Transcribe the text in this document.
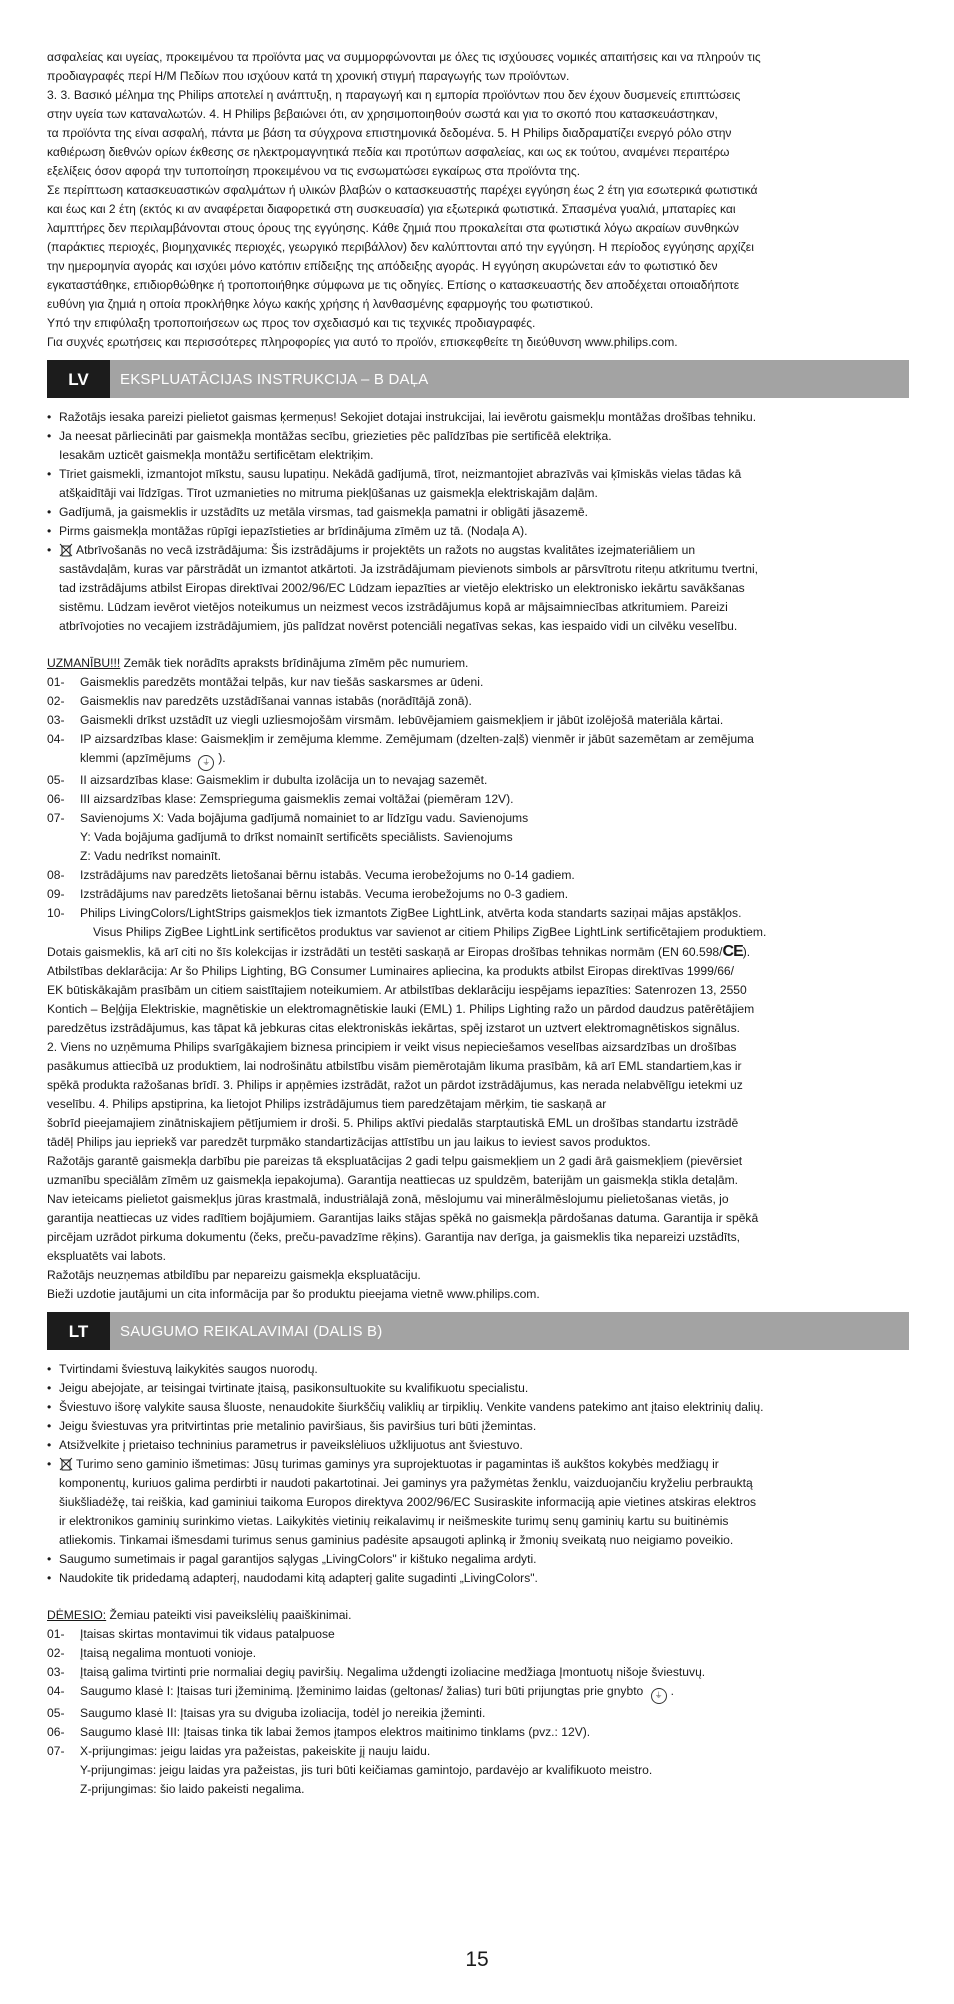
ασφαλείας και υγείας, προκειμένου τα προϊόντα μας να συμμορφώνονται με όλες τις ισχύουσες νομικές απαιτήσεις και να πληρούν τις

προδιαγραφές περί H/M Πεδίων που ισχύουν κατά τη χρονική στιγμή παραγωγής των προϊόντων.

3. 3. Βασικό μέλημα της Philips αποτελεί η ανάπτυξη, η παραγωγή και η εμπορία προϊόντων που δεν έχουν δυσμενείς επιπτώσεις

στην υγεία των καταναλωτών. 4. H Philips βεβαιώνει ότι, αν χρησιμοποιηθούν σωστά και για το σκοπό που κατασκευάστηκαν,

τα προϊόντα της είναι ασφαλή, πάντα με βάση τα σύγχρονα επιστημονικά δεδομένα. 5. H Philips διαδραματίζει ενεργό ρόλο στην

καθιέρωση διεθνών ορίων έκθεσης σε ηλεκτρομαγνητικά πεδία και προτύπων ασφαλείας, και ως εκ τούτου, αναμένει περαιτέρω

εξελίξεις όσον αφορά την τυποποίηση προκειμένου να τις ενσωματώσει εγκαίρως στα προϊόντα της.

Σε περίπτωση κατασκευαστικών σφαλμάτων ή υλικών βλαβών ο κατασκευαστής παρέχει εγγύηση έως 2 έτη για εσωτερικά φωτιστικά

και έως και 2 έτη (εκτός κι αν αναφέρεται διαφορετικά στη συσκευασία) για εξωτερικά φωτιστικά. Σπασμένα γυαλιά, μπαταρίες και

λαμπτήρες δεν περιλαμβάνονται στους όρους της εγγύησης. Κάθε ζημιά που προκαλείται στα φωτιστικά λόγω ακραίων συνθηκών

(παράκτιες περιοχές, βιομηχανικές περιοχές, γεωργικό περιβάλλον) δεν καλύπτονται από την εγγύηση. Η περίοδος εγγύησης αρχίζει

την ημερομηνία αγοράς και ισχύει μόνο κατόπιν επίδειξης της απόδειξης αγοράς. Η εγγύηση ακυρώνεται εάν το φωτιστικό δεν

εγκαταστάθηκε, επιδιορθώθηκε ή τροποποιήθηκε σύμφωνα με τις οδηγίες. Επίσης ο κατασκευαστής δεν αποδέχεται οποιαδήποτε

ευθύνη για ζημιά η οποία προκλήθηκε λόγω κακής χρήσης ή λανθασμένης εφαρμογής του φωτιστικού.

Υπό την επιφύλαξη τροποποιήσεων ως προς τον σχεδιασμό και τις τεχνικές προδιαγραφές.

Για συχνές ερωτήσεις και περισσότερες πληροφορίες για αυτό το προϊόν, επισκεφθείτε τη διεύθυνση www.philips.com.

LV	EKSPLUATĀCIJAS INSTRUKCIJA – B DAĻA
• Ražotājs iesaka pareizi pielietot gaismas ķermeņus! Sekojiet dotajai instrukcijai, lai ievērotu gaismekļu montāžas drošības tehniku.
• Ja neesat pārliecināti par gaismekļa montāžas secību, griezieties pēc palīdzības pie sertificēā elektriķa.
Iesakām uzticēt gaismekļa montāžu sertificētam elektriķim.
• Tīriet gaismekli, izmantojot mīkstu, sausu lupatiņu. Nekādā gadījumā, tīrot, neizmantojiet abrazīvās vai ķīmiskās vielas tādas kā
atšķaidītāji vai līdzīgas. Tīrot uzmanieties no mitruma piekļūšanas uz gaismekļa elektriskajām daļām.
• Gadījumā, ja gaismeklis ir uzstādīts uz metāla virsmas, tad gaismekļa pamatni ir obligāti jāsazemē.
• Pirms gaismekļa montāžas rūpīgi iepazīstieties ar brīdinājuma zīmēm uz tā. (Nodaļa A).
• Atbrīvošanās no vecā izstrādājuma: Šis izstrādājums ir projektēts un ražots no augstas kvalitātes izejmateriāliem un
sastāvdaļām, kuras var pārstrādāt un izmantot atkārtoti. Ja izstrādājumam pievienots simbols ar pārsvītrotu riteņu atkritumu tvertni,
tad izstrādājums atbilst Eiropas direktīvai 2002/96/EC Lūdzam iepazīties ar vietējo elektrisko un elektronisko iekārtu savākšanas
sistēmu. Lūdzam ievērot vietējos noteikumus un neizmest vecos izstrādājumus kopā ar mājsaimniecības atkritumiem. Pareizi
atbrīvojoties no vecajiem izstrādājumiem, jūs palīdzat novērst potenciāli negatīvas sekas, kas iespaido vidi un cilvēku veselību.

UZMANĪBU!!! Zemāk tiek norādīts apraksts brīdinājuma zīmēm pēc numuriem.

01-	Gaismeklis paredzēts montāžai telpās, kur nav tiešās saskarsmes ar ūdeni.
02-	Gaismeklis nav paredzēts uzstādīšanai vannas istabās (norādītājā zonā).
03-	Gaismekli drīkst uzstādīt uz viegli uzliesmojošām virsmām. Iebūvējamiem gaismekļiem ir jābūt izolējošā materiāla kārtai.
04-	IP aizsardzības klase: Gaismekļim ir zemējuma klemme. Zemējumam (dzelten-zaļš) vienmēr ir jābūt sazemētam ar zemējuma
klemmi (apzīmējums ⏚ ).
05-	II aizsardzības klase: Gaismeklim ir dubulta izolācija un to nevajag sazemēt.
06-	III aizsardzības klase: Zemsprieguma gaismeklis zemai voltāžai (piemēram 12V).
07-	Savienojums X: Vada bojājuma gadījumā nomainiet to ar līdzīgu vadu. Savienojums
Y: Vada bojājuma gadījumā to drīkst nomainīt sertificēts speciālists. Savienojums
Z: Vadu nedrīkst nomainīt.
08-	Izstrādājums nav paredzēts lietošanai bērnu istabās. Vecuma ierobežojums no 0-14 gadiem.
09-	Izstrādājums nav paredzēts lietošanai bērnu istabās. Vecuma ierobežojums no 0-3 gadiem.
10-	Philips LivingColors/LightStrips gaismekļos tiek izmantots ZigBee LightLink, atvērta koda standarts saziņai mājas apstākļos.
Visus Philips ZigBee LightLink sertificētos produktus var savienot ar citiem Philips ZigBee LightLink sertificētajiem produktiem.

Dotais gaismeklis, kā arī citi no šīs kolekcijas ir izstrādāti un testēti saskaņā ar Eiropas drošības tehnikas normām (EN 60.598/CE).

Atbilstības deklarācija: Ar šo Philips Lighting, BG Consumer Luminaires apliecina, ka produkts atbilst Eiropas direktīvas 1999/66/

EK būtiskākajām prasībām un citiem saistītajiem noteikumiem. Ar atbilstības deklarāciju iespējams iepazīties: Satenrozen 13, 2550

Kontich – Beļģija Elektriskie, magnētiskie un elektromagnētiskie lauki (EML) 1. Philips Lighting ražo un pārdod daudzus patērētājiem

paredzētus izstrādājumus, kas tāpat kā jebkuras citas elektroniskās iekārtas, spēj izstarot un uztvert elektromagnētiskos signālus.

2. Viens no uzņēmuma Philips svarīgākajiem biznesa principiem ir veikt visus nepieciešamos veselības aizsardzības un drošības

pasākumus attiecībā uz produktiem, lai nodrošinātu atbilstību visām piemērotajām likuma prasībām, kā arī EML standartiem,kas ir

spēkā produkta ražošanas brīdī. 3. Philips ir apņēmies izstrādāt, ražot un pārdot izstrādājumus, kas nerada nelabvēlīgu ietekmi uz

veselību. 4. Philips apstiprina, ka lietojot Philips izstrādājumus tiem paredzētajam mērķim, tie saskaņā ar

šobrīd pieejamajiem zinātniskajiem pētījumiem ir droši. 5. Philips aktīvi piedalās starptautiskā EML un drošības standartu izstrādē

tādēļ Philips jau iepriekš var paredzēt turpmāko standartizācijas attīstību un jau laikus to ieviest savos produktos.

Ražotājs garantē gaismekļa darbību pie pareizas tā ekspluatācijas 2 gadi telpu gaismekļiem un 2 gadi ārā gaismekļiem (pievērsiet

uzmanību speciālām zīmēm uz gaismekļa iepakojuma). Garantija neattiecas uz spuldzēm, baterijām un gaismekļa stikla detaļām.

Nav ieteicams pielietot gaismekļus jūras krastmalā, industriālajā zonā, mēslojumu vai minerālmēslojumu pielietošanas vietās, jo

garantija neattiecas uz vides radītiem bojājumiem. Garantijas laiks stājas spēkā no gaismekļa pārdošanas datuma. Garantija ir spēkā

pircējam uzrādot pirkuma dokumentu (čeks, preču-pavadzīme rēķins). Garantija nav derīga, ja gaismeklis tika nepareizi uzstādīts,

ekspluatēts vai labots.

Ražotājs neuzņemas atbildību par nepareizu gaismekļa ekspluatāciju.

Bieži uzdotie jautājumi un cita informācija par šo produktu pieejama vietnē www.philips.com.

LT	SAUGUMO REIKALAVIMAI (DALIS B)
• Tvirtindami šviestuvą laikykitės saugos nuorodų.
• Jeigu abejojate, ar teisingai tvirtinate įtaisą, pasikonsultuokite su kvalifikuotu specialistu.
• Šviestuvo išorę valykite sausa šluoste, nenaudokite šiurkščių valiklių ar tirpiklių. Venkite vandens patekimo ant įtaiso elektrinių dalių.
• Jeigu šviestuvas yra pritvirtintas prie metalinio paviršiaus, šis paviršius turi būti įžemintas.
• Atsižvelkite į prietaiso techninius parametrus ir paveikslėliuos užklijuotus ant šviestuvo.
• Turimo seno gaminio išmetimas: Jūsų turimas gaminys yra suprojektuotas ir pagamintas iš aukštos kokybės medžiagų ir
komponentų, kuriuos galima perdirbti ir naudoti pakartotinai. Jei gaminys yra pažymėtas ženklu, vaizduojančiu kryželiu perbrauktą
šiukšliadėžę, tai reiškia, kad gaminiui taikoma Europos direktyva 2002/96/EC Susiraskite informaciją apie vietines atskiras elektros
ir elektronikos gaminių surinkimo vietas. Laikykitės vietinių reikalavimų ir neišmeskite turimų senų gaminių kartu su buitinėmis
atliekomis. Tinkamai išmesdami turimus senus gaminius padėsite apsaugoti aplinką ir žmonių sveikatą nuo neigiamo poveikio.
• Saugumo sumetimais ir pagal garantijos sąlygas „LivingColors" ir kištuko negalima ardyti.
• Naudokite tik pridedamą adapterį, naudodami kitą adapterį galite sugadinti „LivingColors".

DĖMESIO: Žemiau pateikti visi paveikslėlių paaiškinimai.

01-	Įtaisas skirtas montavimui tik vidaus patalpuose
02-	Įtaisą negalima montuoti vonioje.
03-	Įtaisą galima tvirtinti prie normaliai degių paviršių. Negalima uždengti izoliacine medžiaga Įmontuotų nišoje šviestuvų.
04-	Saugumo klasė I: Įtaisas turi įžeminimą. Įžeminimo laidas (geltonas/ žalias) turi būti prijungtas prie gnybto ⏚ .
05-	Saugumo klasė II: Įtaisas yra su dviguba izoliacija, todėl jo nereikia įžeminti.
06-	Saugumo klasė III: Įtaisas tinka tik labai žemos įtampos elektros maitinimo tinklams (pvz.: 12V).
07-	X-prijungimas: jeigu laidas yra pažeistas, pakeiskite jį nauju laidu.
Y-prijungimas: jeigu laidas yra pažeistas, jis turi būti keičiamas gamintojo, pardavėjo ar kvalifikuoto meistro.
Z-prijungimas: šio laido pakeisti negalima.
15
